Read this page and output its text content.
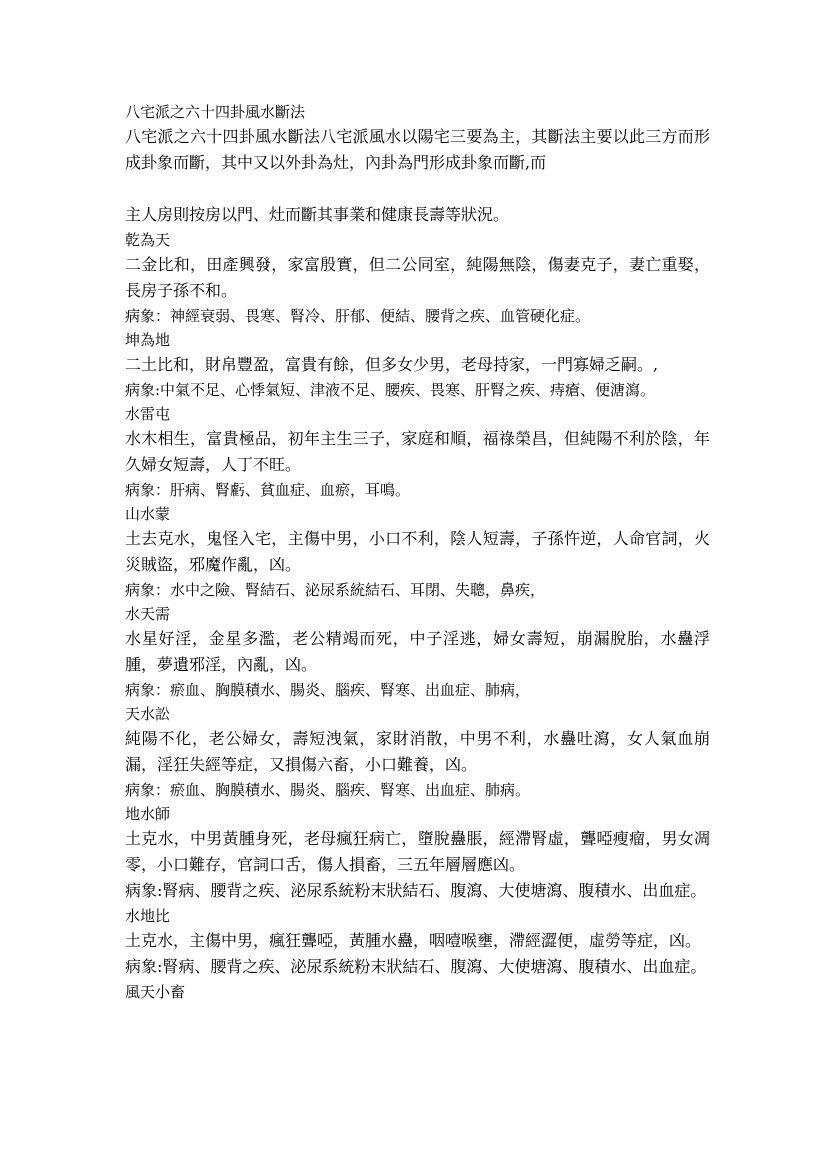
八宅派之六十四卦風水斷法

八宅派之六十四卦風水斷法八宅派風水以陽宅三要為主，其斷法主要以此三方而形成卦象而斷，其中又以外卦為灶，內卦為門形成卦象而斷,而

主人房則按房以門、灶而斷其事業和健康長壽等狀況。

乾為天

二金比和，田產興發，家富殷實，但二公同室，純陽無陰，傷妻克子，妻亡重娶，長房子孫不和。

病象：神經衰弱、畏寒、腎冷、肝郁、便結、腰背之疾、血管硬化症。

坤為地

二土比和，財帛豐盈，富貴有餘，但多女少男，老母持家，一門寡婦乏嗣。,

病象:中氣不足、心悸氣短、津液不足、腰疾、畏寒、肝腎之疾、痔瘡、便溏瀉。

水雷屯

水木相生，富貴極品，初年主生三子，家庭和順，福祿榮昌，但純陽不利於陰，年久婦女短壽，人丁不旺。

病象：肝病、腎虧、貧血症、血瘀，耳鳴。

山水蒙

土去克水，鬼怪入宅，主傷中男，小口不利，陰人短壽，子孫忤逆，人命官詞，火災賊盜，邪魔作亂，凶。

病象：水中之險、腎結石、泌尿系統結石、耳閉、失聰，鼻疾，

水天需

水星好淫，金星多濫，老公精竭而死，中子淫逃，婦女壽短，崩漏脫胎，水蠱浮腫，夢遺邪淫，內亂，凶。

病象：瘀血、胸膜積水、腸炎、腦疾、腎寒、出血症、肺病，

天水訟

純陽不化，老公婦女，壽短洩氣，家財消散，中男不利，水蠱吐瀉，女人氣血崩漏，淫狂失經等症，又損傷六畜，小口難養，凶。

病象：瘀血、胸膜積水、腸炎、腦疾、腎寒、出血症、肺病。

地水師

土克水，中男黃腫身死，老母瘋狂病亡，墮脫蠱脹，經滯腎虛，聾啞瘦瘤，男女凋零，小口難存，官詞口舌，傷人損畜，三五年層層應凶。

病象:腎病、腰背之疾、泌尿系統粉末狀結石、腹瀉、大使塘瀉、腹積水、出血症。

水地比

土克水，主傷中男，瘋狂聾啞，黃腫水蠱，咽噎喉壅，滯經澀便，虛勞等症，凶。

病象:腎病、腰背之疾、泌尿系統粉末狀結石、腹瀉、大使塘瀉、腹積水、出血症。

風天小畜
